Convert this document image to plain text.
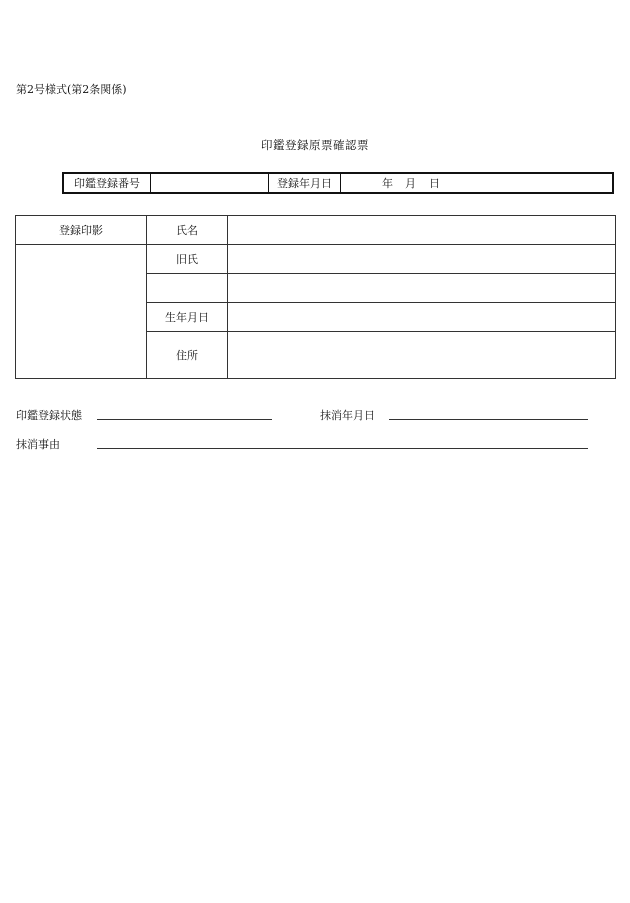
第2号様式(第2条関係)
印鑑登録原票確認票
印鑑登録番号	登録年月日	年 月 日
登録印影	氏名	
	旧氏	

	生年月日	
	住所	
印鑑登録状態	抹消年月日
抹消事由
